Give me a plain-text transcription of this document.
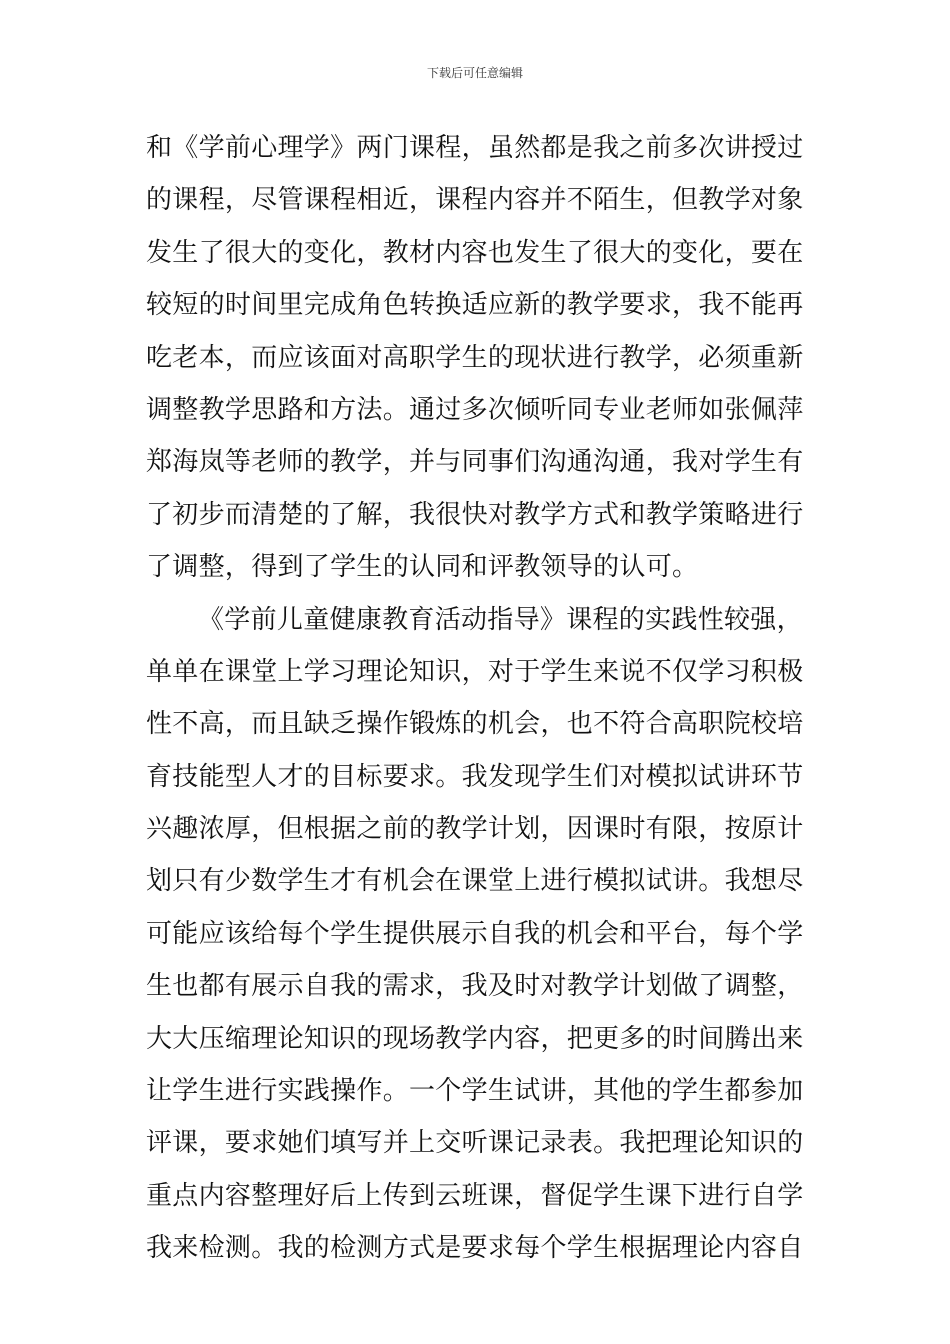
下载后可任意编辑
和《学前心理学》两门课程，虽然都是我之前多次讲授过
的课程，尽管课程相近，课程内容并不陌生，但教学对象
发生了很大的变化，教材内容也发生了很大的变化，要在
较短的时间里完成角色转换适应新的教学要求，我不能再
吃老本，而应该面对高职学生的现状进行教学，必须重新
调整教学思路和方法。通过多次倾听同专业老师如张佩萍
郑海岚等老师的教学，并与同事们沟通沟通，我对学生有
了初步而清楚的了解，我很快对教学方式和教学策略进行
了调整，得到了学生的认同和评教领导的认可。
《学前儿童健康教育活动指导》课程的实践性较强，
单单在课堂上学习理论知识，对于学生来说不仅学习积极
性不高，而且缺乏操作锻炼的机会，也不符合高职院校培
育技能型人才的目标要求。我发现学生们对模拟试讲环节
兴趣浓厚，但根据之前的教学计划，因课时有限，按原计
划只有少数学生才有机会在课堂上进行模拟试讲。我想尽
可能应该给每个学生提供展示自我的机会和平台，每个学
生也都有展示自我的需求，我及时对教学计划做了调整，
大大压缩理论知识的现场教学内容，把更多的时间腾出来
让学生进行实践操作。一个学生试讲，其他的学生都参加
评课，要求她们填写并上交听课记录表。我把理论知识的
重点内容整理好后上传到云班课，督促学生课下进行自学
我来检测。我的检测方式是要求每个学生根据理论内容自
